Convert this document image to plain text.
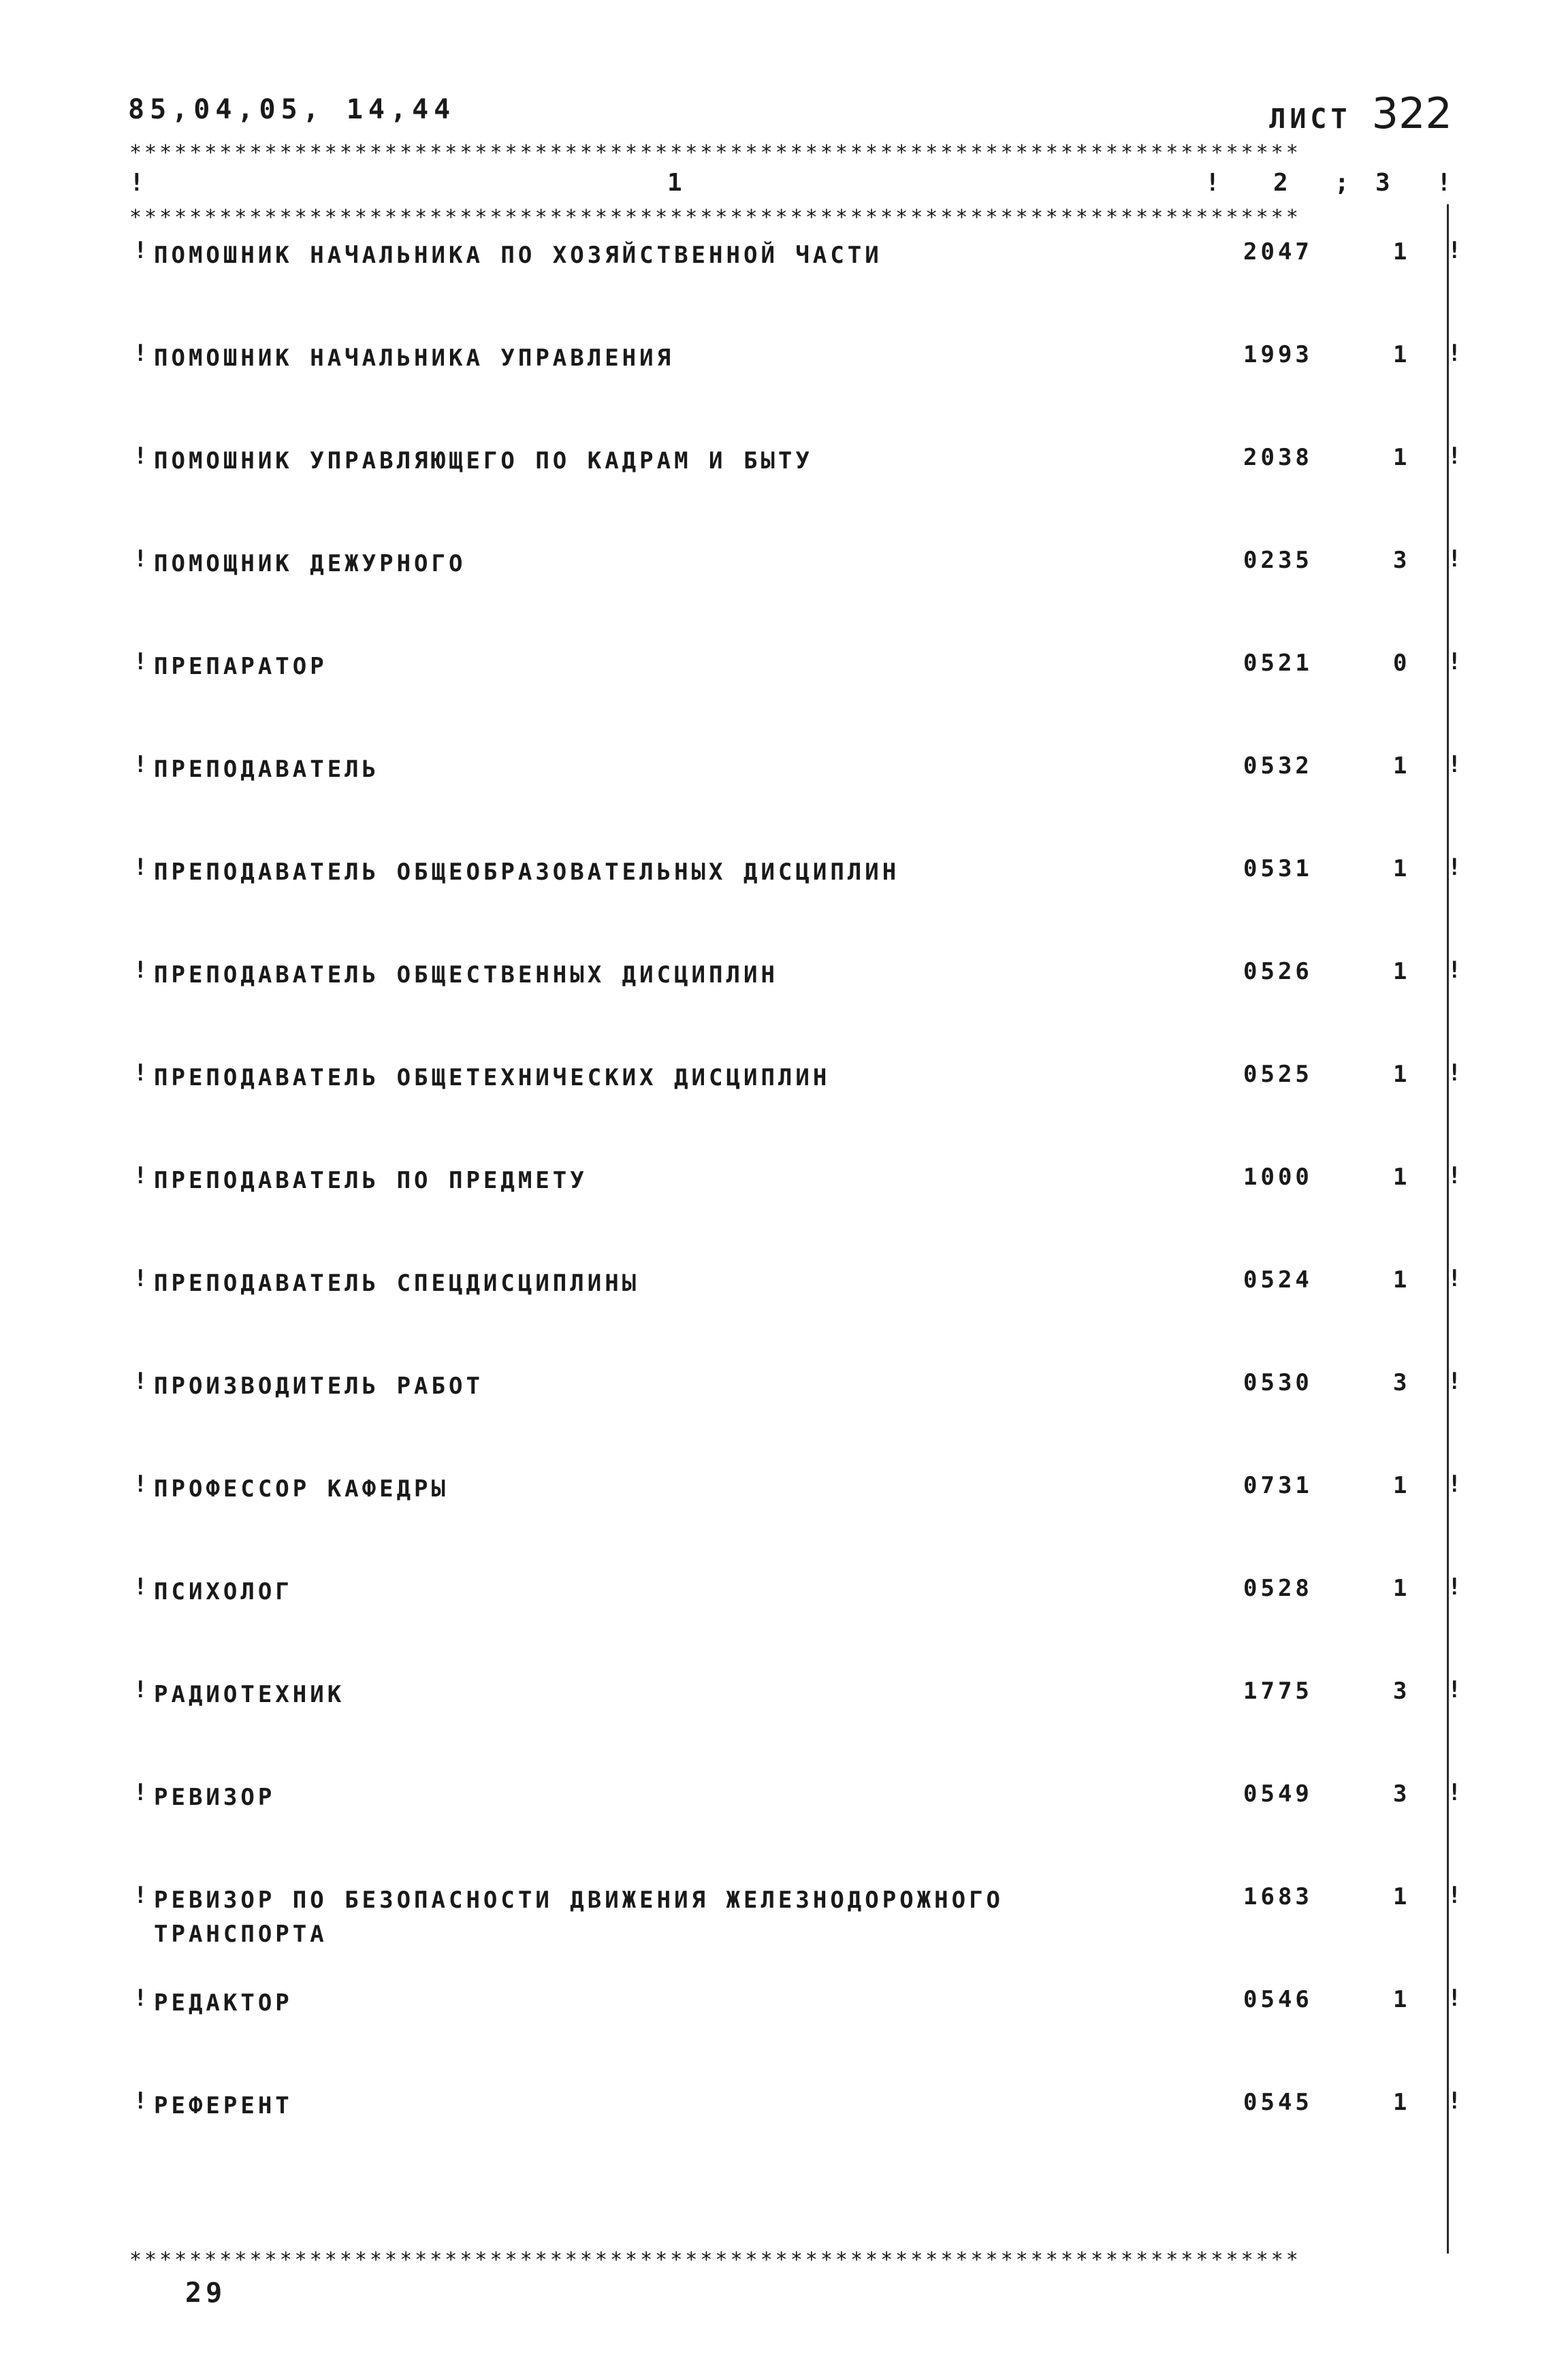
85,04,05, 14,44	ЛИСТ 322
******************************************************************************
!	1	! 2 ; 3 !
******************************************************************************
! ПОМОШНИК НАЧАЛЬНИКА ПО ХОЗЯЙСТВЕННОЙ ЧАСТИ	2047	1 !
! ПОМОШНИК НАЧАЛЬНИКА УПРАВЛЕНИЯ	1993	1 !
! ПОМОШНИК УПРАВЛЯЮЩЕГО ПО КАДРАМ И БЫТУ	2038	1 !
! ПОМОЩНИК ДЕЖУРНОГО	0235	3 !
! ПРЕПАРАТОР	0521	0 !
! ПРЕПОДАВАТЕЛЬ	0532	1 !
! ПРЕПОДАВАТЕЛЬ ОБЩЕОБРАЗОВАТЕЛЬНЫХ ДИСЦИПЛИН	0531	1 !
! ПРЕПОДАВАТЕЛЬ ОБЩЕСТВЕННЫХ ДИСЦИПЛИН	0526	1 !
! ПРЕПОДАВАТЕЛЬ ОБЩЕТЕХНИЧЕСКИХ ДИСЦИПЛИН	0525	1 !
! ПРЕПОДАВАТЕЛЬ ПО ПРЕДМЕТУ	1000	1 !
! ПРЕПОДАВАТЕЛЬ СПЕЦДИСЦИПЛИНЫ	0524	1 !
! ПРОИЗВОДИТЕЛЬ РАБОТ	0530	3 !
! ПРОФЕССОР КАФЕДРЫ	0731	1 !
! ПСИХОЛОГ	0528	1 !
! РАДИОТЕХНИК	1775	3 !
! РЕВИЗОР	0549	3 !
! РЕВИЗОР ПО БЕЗОПАСНОСТИ ДВИЖЕНИЯ ЖЕЛЕЗНОДОРОЖНОГО
ТРАНСПОРТА
1683	1 !
! РЕДАКТОР	0546	1 !
! РЕФЕРЕНТ	0545	1 !
******************************************************************************
29
